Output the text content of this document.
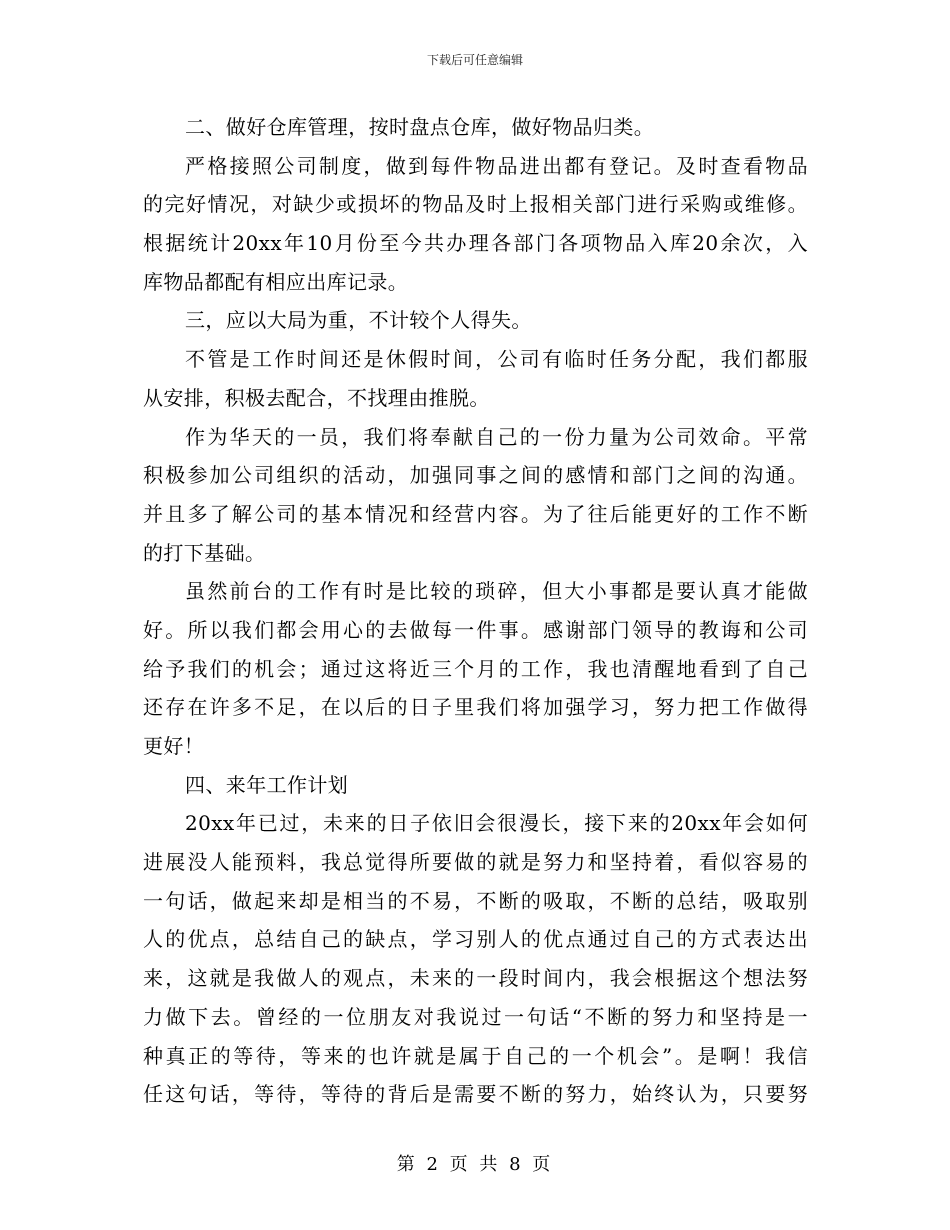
下载后可任意编辑
二、做好仓库管理，按时盘点仓库，做好物品归类。
严格接照公司制度，做到每件物品进出都有登记。及时查看物品
的完好情况，对缺少或损坏的物品及时上报相关部门进行采购或维修。
根据统计20xx年10月份至今共办理各部门各项物品入库20余次，入
库物品都配有相应出库记录。
三，应以大局为重，不计较个人得失。
不管是工作时间还是休假时间，公司有临时任务分配，我们都服
从安排，积极去配合，不找理由推脱。
作为华天的一员，我们将奉献自己的一份力量为公司效命。平常
积极参加公司组织的活动，加强同事之间的感情和部门之间的沟通。
并且多了解公司的基本情况和经营内容。为了往后能更好的工作不断
的打下基础。
虽然前台的工作有时是比较的琐碎，但大小事都是要认真才能做
好。所以我们都会用心的去做每一件事。感谢部门领导的教诲和公司
给予我们的机会；通过这将近三个月的工作，我也清醒地看到了自己
还存在许多不足，在以后的日子里我们将加强学习，努力把工作做得
更好！
四、来年工作计划
20xx年已过，未来的日子依旧会很漫长，接下来的20xx年会如何
进展没人能预料，我总觉得所要做的就是努力和坚持着，看似容易的
一句话，做起来却是相当的不易，不断的吸取，不断的总结，吸取别
人的优点，总结自己的缺点，学习别人的优点通过自己的方式表达出
来，这就是我做人的观点，未来的一段时间内，我会根据这个想法努
力做下去。曾经的一位朋友对我说过一句话“不断的努力和坚持是一
种真正的等待，等来的也许就是属于自己的一个机会”。是啊！我信
任这句话，等待，等待的背后是需要不断的努力，始终认为，只要努
第 2 页 共 8 页
